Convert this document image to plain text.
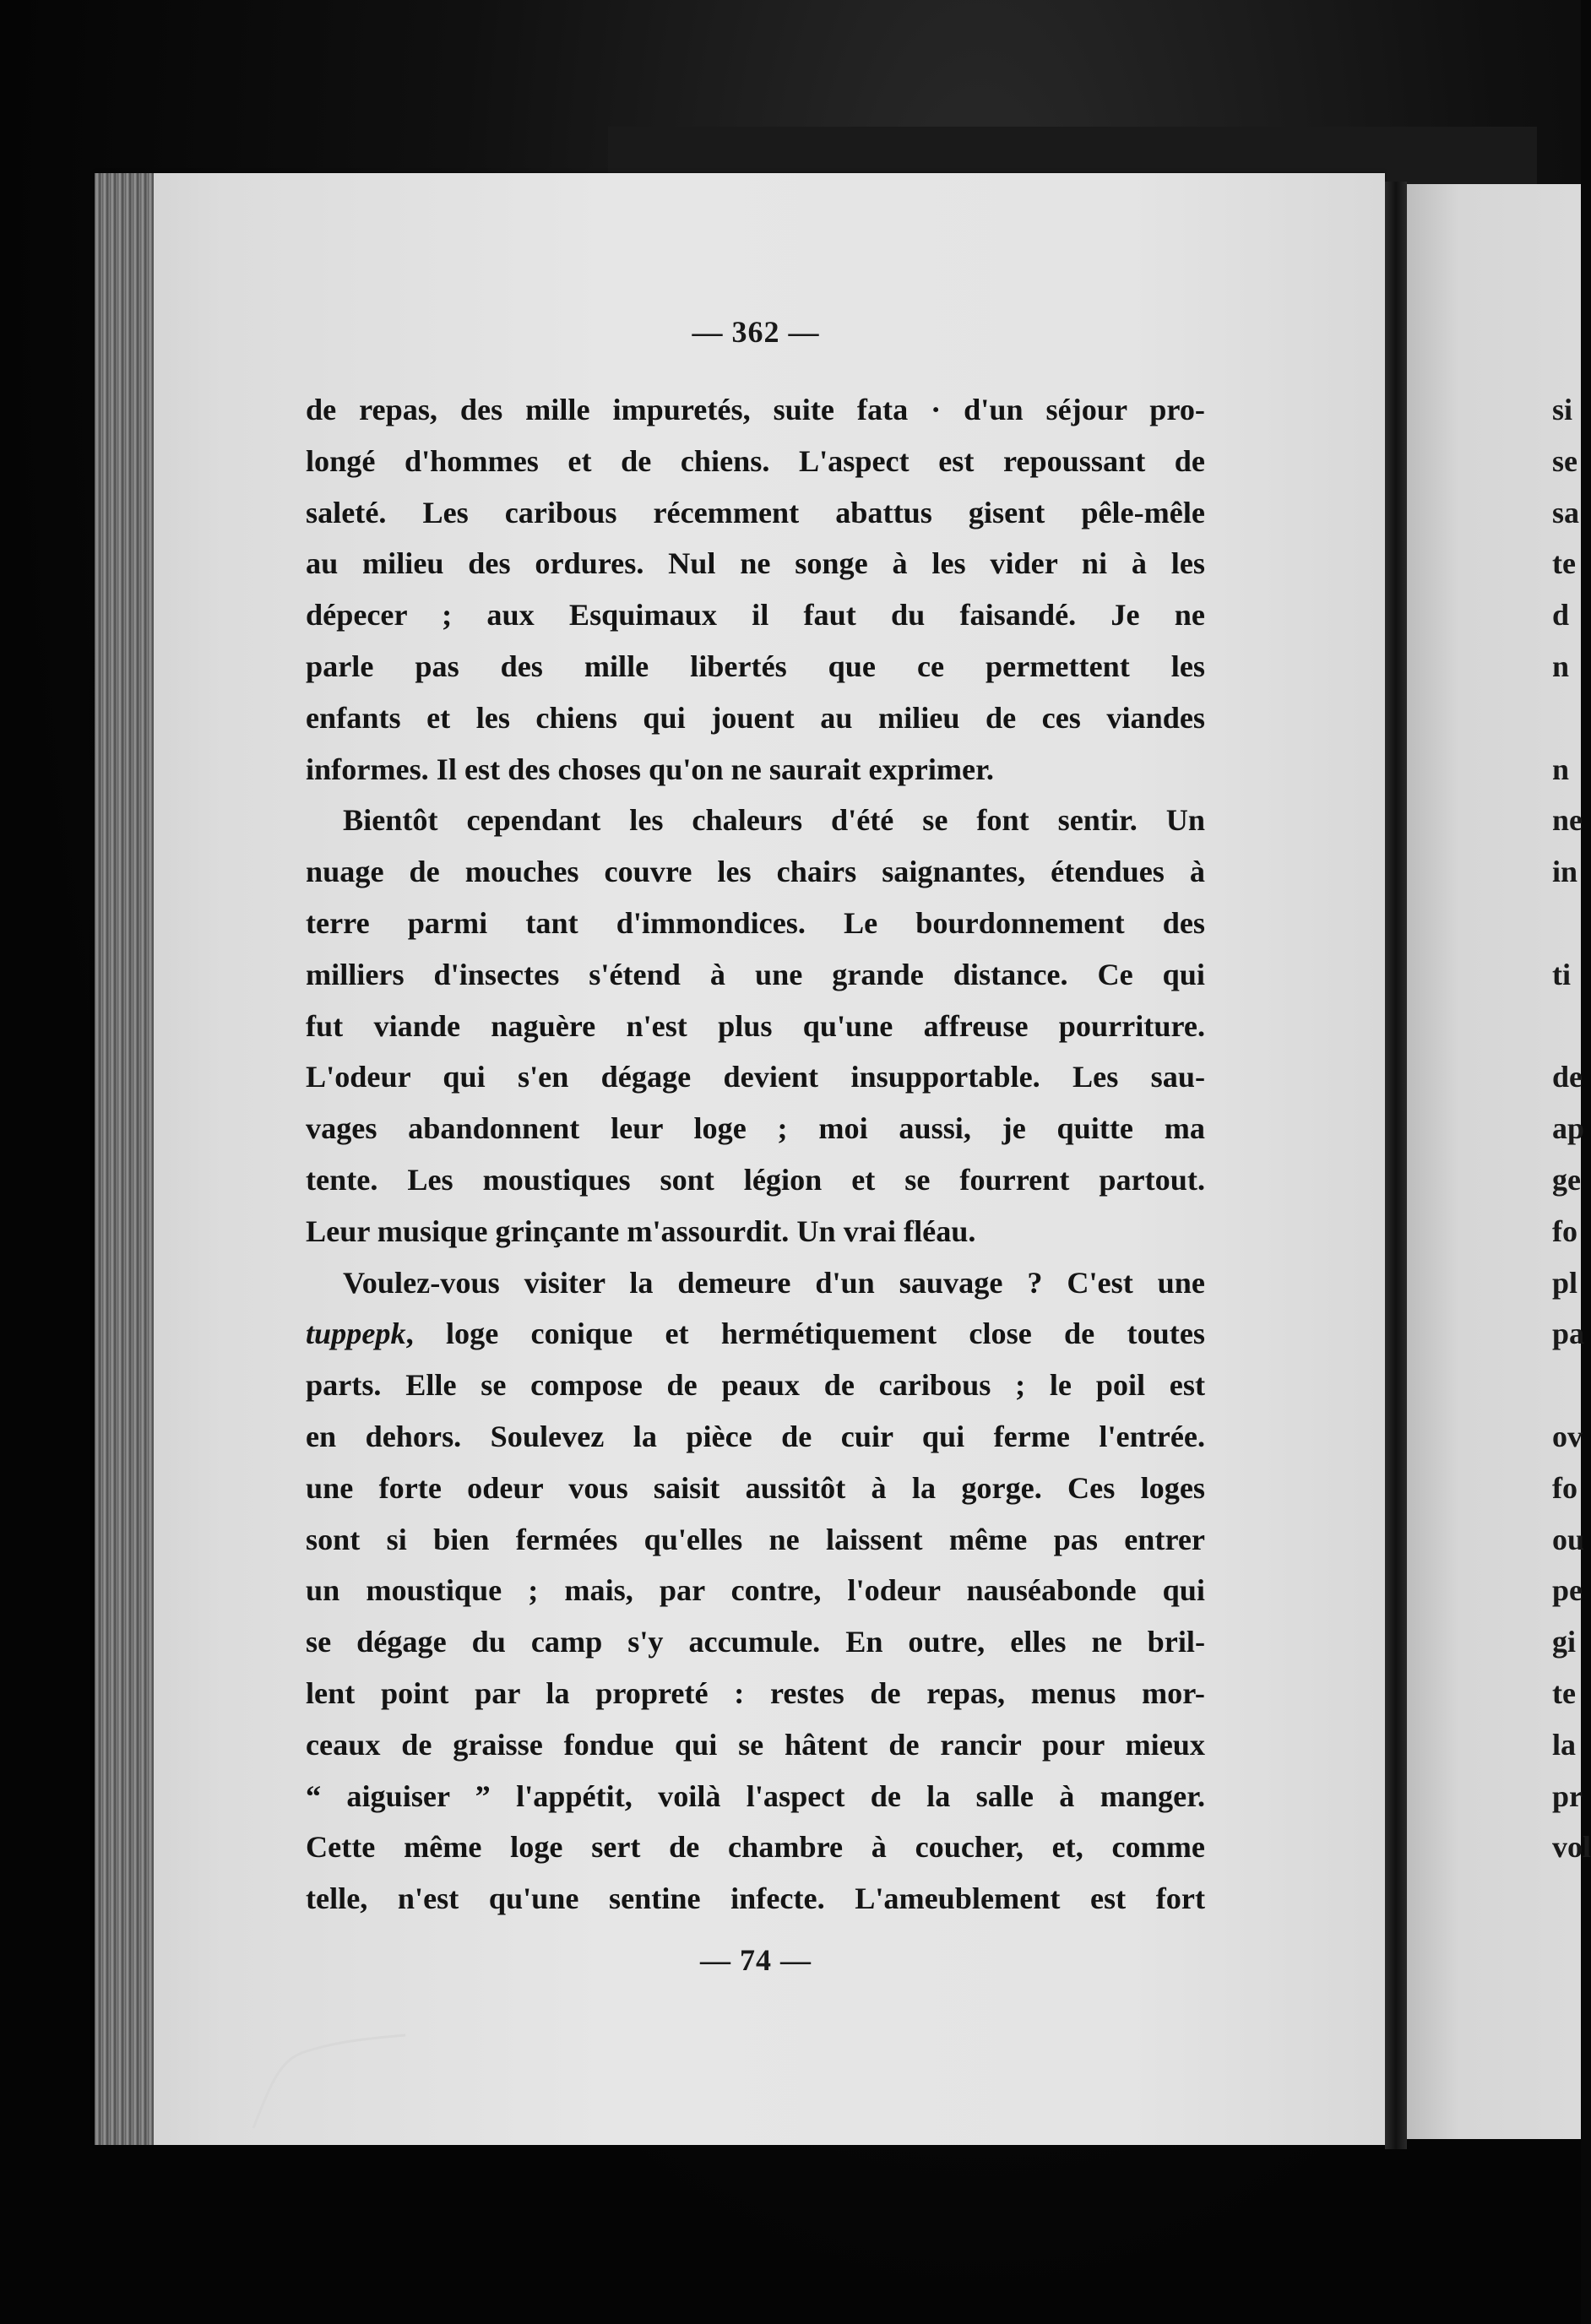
— 362 —
de repas, des mille impuretés, suite fata · d'un séjour pro-
longé d'hommes et de chiens. L'aspect est repoussant de
saleté. Les caribous récemment abattus gisent pêle-mêle
au milieu des ordures. Nul ne songe à les vider ni à les
dépecer ; aux Esquimaux il faut du faisandé. Je ne
parle pas des mille libertés que ce permettent les
enfants et les chiens qui jouent au milieu de ces viandes
informes. Il est des choses qu'on ne saurait exprimer.
Bientôt cependant les chaleurs d'été se font sentir. Un
nuage de mouches couvre les chairs saignantes, étendues à
terre parmi tant d'immondices. Le bourdonnement des
milliers d'insectes s'étend à une grande distance. Ce qui
fut viande naguère n'est plus qu'une affreuse pourriture.
L'odeur qui s'en dégage devient insupportable. Les sau-
vages abandonnent leur loge ; moi aussi, je quitte ma
tente. Les moustiques sont légion et se fourrent partout.
Leur musique grinçante m'assourdit. Un vrai fléau.
Voulez-vous visiter la demeure d'un sauvage ? C'est une
tuppepk, loge conique et hermétiquement close de toutes
parts. Elle se compose de peaux de caribous ; le poil est
en dehors. Soulevez la pièce de cuir qui ferme l'entrée.
une forte odeur vous saisit aussitôt à la gorge. Ces loges
sont si bien fermées qu'elles ne laissent même pas entrer
un moustique ; mais, par contre, l'odeur nauséabonde qui
se dégage du camp s'y accumule. En outre, elles ne bril-
lent point par la propreté : restes de repas, menus mor-
ceaux de graisse fondue qui se hâtent de rancir pour mieux
“ aiguiser ” l'appétit, voilà l'aspect de la salle à manger.
Cette même loge sert de chambre à coucher, et, comme
telle, n'est qu'une sentine infecte. L'ameublement est fort
— 74 —
si
se
sa
te
d
n
n
ne
in
ti
de
ap
ge
fo
pl
pa
ov
fo
ou
pe
gi
te
la
pr
vol
